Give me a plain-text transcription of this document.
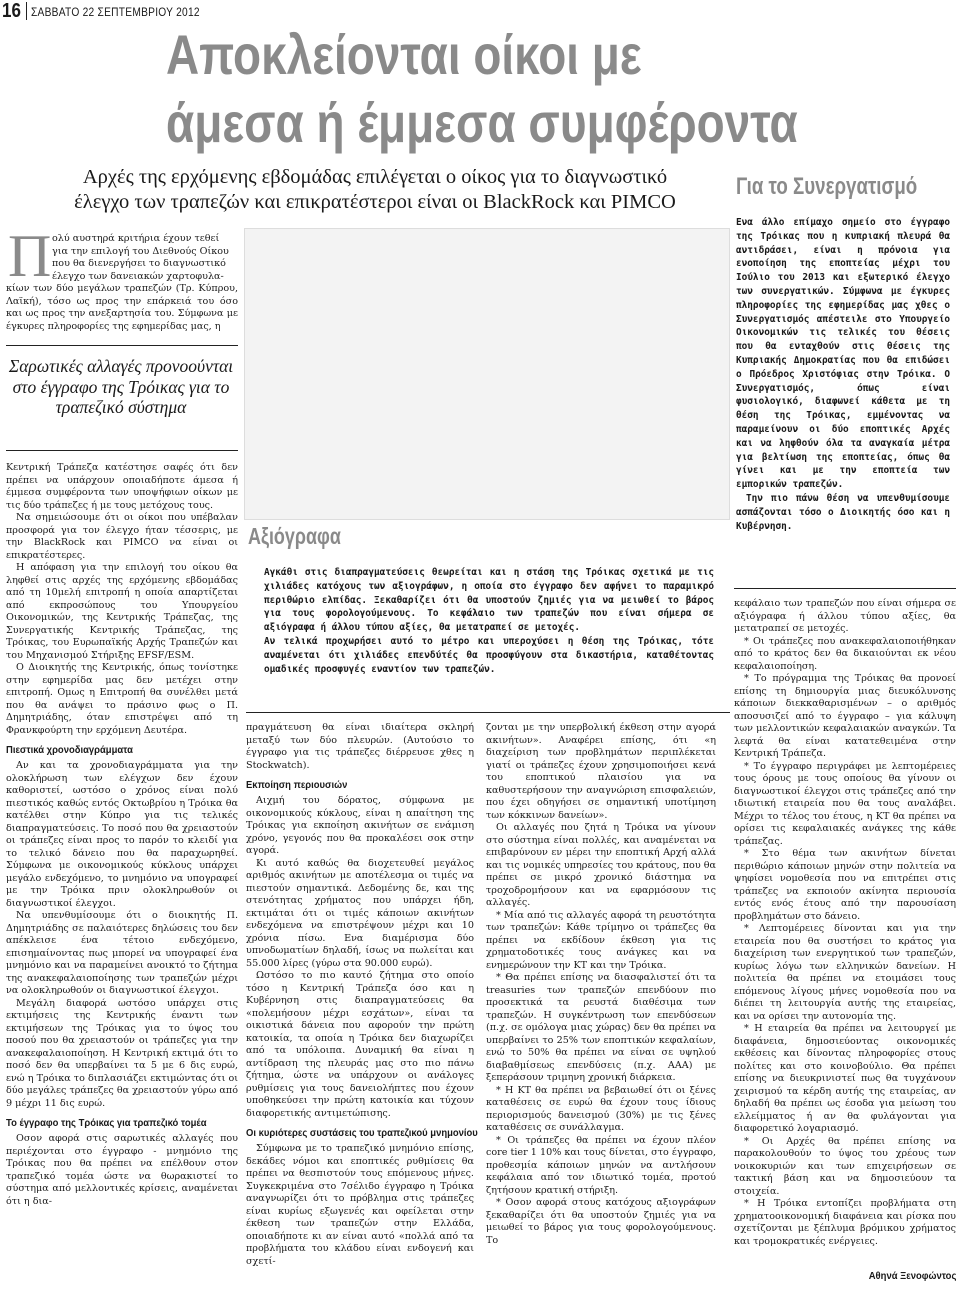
16 ΣΑΒΒΑΤΟ 22 ΣΕΠΤΕΜΒΡΙΟΥ 2012
Αποκλείονται οίκοι με
άμεσα ή έμμεσα συμφέροντα
Αρχές της ερχόμενης εβδομάδας επιλέγεται ο οίκος για το διαγνωστικό
έλεγχο των τραπεζών και επικρατέστεροι είναι οι BlackRock και PIMCO
Π ολύ αυστηρά κριτήρια έχουν τεθεί

για την επιλογή του Διεθνούς Οίκου

που θα διενεργήσει το διαγνωστικό

έλεγχο των δανειακών χαρτοφυλα-

κίων των δύο μεγάλων τραπεζών (Τρ. Κύπρου, Λαϊκή), τόσο ως προς την επάρκειά του όσο και ως προς την ανεξαρτησία του. Σύμφωνα με έγκυρες πληροφορίες της εφημερίδας μας, η

Σαρωτικές αλλαγές προνοούνται στο έγγραφο της Τρόικας για το τραπεζικό σύστημα

Κεντρική Τράπεζα κατέστησε σαφές ότι δεν πρέπει να υπάρχουν οποιαδήποτε άμεσα ή έμμεσα συμφέροντα των υποψήφιων οίκων με τις δύο τράπεζες ή με τους μετόχους τους.

Να σημειώσουμε ότι οι οίκοι που υπέβαλαν προσφορά για τον έλεγχο ήταν τέσσερις, με την BlackRock και PIMCO να είναι οι επικρατέστερες.

Η απόφαση για την επιλογή του οίκου θα ληφθεί στις αρχές της ερχόμενης εβδομάδας από τη 10μελή επιτροπή η οποία απαρτίζεται από εκπροσώπους του Υπουργείου Οικονομικών, της Κεντρικής Τράπεζας, της Συνεργατικής Κεντρικής Τράπεζας, της Τρόικας, του Ευρωπαϊκής Αρχής Τραπεζών και του Μηχανισμού Στήριξης EFSF/ESM.

Ο Διοικητής της Κεντρικής, όπως τονίστηκε στην εφημερίδα μας δεν μετέχει στην επιτροπή. Ομως η Επιτροπή θα συνέλθει μετά που θα ανάψει το πράσινο φως ο Π. Δημητριάδης, όταν επιστρέψει από τη Φρανκφούρτη την ερχόμενη Δευτέρα.

Πιεστικά χρονοδιαγράμματα

Αν και τα χρονοδιαγράμματα για την ολοκλήρωση των ελέγχων δεν έχουν καθοριστεί, ωστόσο ο χρόνος είναι πολύ πιεστικός καθώς εντός Οκτωβρίου η Τρόικα θα κατέλθει στην Κύπρο για τις τελικές διαπραγματεύσεις. Το ποσό που θα χρειαστούν οι τράπεζες είναι προς το παρόν το κλειδί για το τελικό δάνειο που θα παραχωρηθεί. Σύμφωνα με οικονομικούς κύκλους υπάρχει μεγάλο ενδεχόμενο, το μνημόνιο να υπογραφεί με την Τρόικα πριν ολοκληρωθούν οι διαγνωστικοί έλεγχοι.

Να υπενθυμίσουμε ότι ο διοικητής Π. Δημητριάδης σε παλαιότερες δηλώσεις του δεν απέκλεισε ένα τέτοιο ενδεχόμενο, επισημαίνοντας πως μπορεί να υπογραφεί ένα μνημόνιο και να παραμείνει ανοικτό το ζήτημα της ανακεφαλαιοποίησης των τραπεζών μέχρι να ολοκληρωθούν οι διαγνωστικοί έλεγχοι.

Μεγάλη διαφορά ωστόσο υπάρχει στις εκτιμήσεις της Κεντρικής έναντι των εκτιμήσεων της Τρόικας για το ύψος του ποσού που θα χρειαστούν οι τράπεζες για την ανακεφαλαιοποίηση. Η Κεντρική εκτιμά ότι το ποσό δεν θα υπερβαίνει τα 5 με 6 δις ευρώ, ενώ η Τρόικα το διπλασιάζει εκτιμώντας ότι οι δύο μεγάλες τράπεζες θα χρειαστούν γύρω από 9 μέχρι 11 δις ευρώ.

Το έγγραφο της Τρόικας για τραπεζικό τομέα

Οσον αφορά στις σαρωτικές αλλαγές που περιέχονται στο έγγραφο - μνημόνιο της Τρόικας που θα πρέπει να επέλθουν στον τραπεζικό τομέα ώστε να θωρακιστεί το σύστημα από μελλοντικές κρίσεις, αναμένεται ότι η δια-

Αξιόγραφα

Αγκάθι στις διαπραγματεύσεις θεωρείται και η στάση της Τρόικας σχετικά με τις χιλιάδες κατόχους των αξιογράφων, η οποία στο έγγραφο δεν αφήνει το παραμικρό περιθώριο ελπίδας. Ξεκαθαρίζει ότι θα υποστούν ζημιές για να μειωθεί το βάρος για τους φορολογούμενους. Το κεφάλαιο των τραπεζών που είναι σήμερα σε αξιόγραφα ή άλλου τύπου αξίες, θα μετατραπεί σε μετοχές.

Αν τελικά προχωρήσει αυτό το μέτρο και υπεροχύσει η θέση της Τρόικας, τότε αναμένεται ότι χιλιάδες επενδύτές θα προσφύγουν στα δικαστήρια, καταθέτοντας ομαδικές προσφυγές εναντίον των τραπεζών.

πραγμάτευση θα είναι ιδιαίτερα σκληρή μεταξύ των δύο πλευρών. (Αυτούσιο το έγγραφο για τις τράπεζες διέρρευσε χθες η Stockwatch).

Εκποίηση περιουσιών

Αιχμή του δόρατος, σύμφωνα με οικονομικούς κύκλους, είναι η απαίτηση της Τρόικας για εκποίηση ακινήτων σε ενάμιση χρόνο, γεγονός που θα προκαλέσει σοκ στην αγορά.

Κι αυτό καθώς θα διοχετευθεί μεγάλος αριθμός ακινήτων με αποτέλεσμα οι τιμές να πιεστούν σημαντικά. Δεδομένης δε, και της στενότητας χρήματος που υπάρχει ήδη, εκτιμάται ότι οι τιμές κάποιων ακινήτων ενδεχόμενα να επιστρέψουν μέχρι και 10 χρόνια πίσω. Ενα διαμέρισμα δύο υπνοδωματίων δηλαδή, ίσως να πωλείται και 55.000 λίρες (γύρω στα 90.000 ευρώ).

Ωστόσο το πιο καυτό ζήτημα στο οποίο τόσο η Κεντρική Τράπεζα όσο και η Κυβέρνηση στις διαπραγματεύσεις θα «πολεμήσουν μέχρι εσχάτων», είναι τα οικιστικά δάνεια που αφορούν την πρώτη κατοικία, τα οποία η Τρόικα δεν διαχωρίζει από τα υπόλοιπα. Δυναμική θα είναι η αντίδραση της πλευράς μας στο πιο πάνω ζήτημα, ώστε να υπάρχουν οι ανάλογες ρυθμίσεις για τους δανειολήπτες που έχουν υποθηκεύσει την πρώτη κατοικία και τύχουν διαφορετικής αντιμετώπισης.

Οι κυριότερες συστάσεις του τραπεζικού μνημονίου

Σύμφωνα με το τραπεζικό μνημόνιο επίσης, δεκάδες νόμοι και εποπτικές ρυθμίσεις θα πρέπει να θεσπιστούν τους επόμενους μήνες. Συγκεκριμένα στο 7σέλιδο έγγραφο η Τρόικα αναγνωρίζει ότι το πρόβλημα στις τράπεζες είναι κυρίως εξωγενές και οφείλεται στην έκθεση των τραπεζών στην Ελλάδα, οποιαδήποτε κι αν είναι αυτό «πολλά από τα προβλήματα του κλάδου είναι ενδογενή και σχετί-

ζονται με την υπερβολική έκθεση στην αγορά ακινήτων». Αναφέρει επίσης, ότι «η διαχείριση των προβλημάτων περιπλέκεται γιατί οι τράπεζες έχουν χρησιμοποιήσει κενά του εποπτικού πλαισίου για να καθυστερήσουν την αναγνώριση επισφαλειών, που έχει οδηγήσει σε σημαντική υποτίμηση των κόκκινων δανείων».

Οι αλλαγές που ζητά η Τρόικα να γίνουν στο σύστημα είναι πολλές, και αναμένεται να επιβαρύνουν εν μέρει την εποπτική Αρχή αλλά και τις νομικές υπηρεσίες του κράτους, που θα πρέπει σε μικρό χρονικό διάστημα να τροχοδρομήσουν και να εφαρμόσουν τις αλλαγές.

* Μία από τις αλλαγές αφορά τη ρευστότητα των τραπεζών: Κάθε τρίμηνο οι τράπεζες θα πρέπει να εκδίδουν έκθεση για τις χρηματοδοτικές τους ανάγκες και να ενημερώνουν την ΚΤ και την Τρόικα.

* Θα πρέπει επίσης να διασφαλιστεί ότι τα treasuries των τραπεζών επενδύουν πιο προσεκτικά τα ρευστά διαθέσιμα των τραπεζών. Η συγκέντρωση των επενδύσεων (π.χ. σε ομόλογα μιας χώρας) δεν θα πρέπει να υπερβαίνει το 25% των εποπτικών κεφαλαίων, ενώ το 50% θα πρέπει να είναι σε υψηλού διαβαθμίσεως επενδύσεις (π.χ. ΑΑΑ) με ξεπεράσουν τριμηνη χρονική διάρκεια.

* Η ΚΤ θα πρέπει να βεβαιωθεί ότι οι ξένες καταθέσεις σε ευρώ θα έχουν τους ίδιους περιορισμούς δανεισμού (30%) με τις ξένες καταθέσεις σε συνάλλαγμα.

* Οι τράπεζες θα πρέπει να έχουν πλέον core tier 1 10% και τους δίνεται, στο έγγραφο, προθεσμία κάποιων μηνών να αντλήσουν κεφάλαια από τον ιδιωτικό τομέα, προτού ζητήσουν κρατική στήριξη.

* Οσον αφορά στους κατόχους αξιογράφων ξεκαθαρίζει ότι θα υποστούν ζημιές για να μειωθεί το βάρος για τους φορολογούμενους. Το

Για το Συνεργατισμό

Ενα άλλο επίμαχο σημείο στο έγγραφο της Τρόικας που η κυπριακή πλευρά θα αντιδράσει, είναι η πρόνοια για ενοποίηση της εποπτείας μέχρι του Ιούλιο του 2013 και εξωτερικό έλεγχο των συνεργατικών. Σύμφωνα με έγκυρες πληροφορίες της εφημερίδας μας χθες ο Συνεργατισμός απέστειλε στο Υπουργείο Οικονομικών τις τελικές του θέσεις που θα ενταχθούν στις θέσεις της Κυπριακής Δημοκρατίας που θα επιδώσει ο Πρόεδρος Χριστόφιας στην Τρόικα. Ο Συνεργατισμός, όπως είναι φυσιολογικό, διαφωνεί κάθετα με τη θέση της Τρόικας, εμμένοντας να παραμείνουν οι δύο εποπτικές Αρχές και να ληφθούν όλα τα αναγκαία μέτρα για βελτίωση της εποπτείας, όπως θα γίνει και με την εποπτεία των εμπορικών τραπεζών.

Την πιο πάνω θέση να υπενθυμίσουμε ασπάζονται τόσο ο Διοικητής όσο και η Κυβέρνηση.

κεφάλαιο των τραπεζών που είναι σήμερα σε αξιόγραφα ή άλλου τύπου αξίες, θα μετατραπεί σε μετοχές.

* Οι τράπεζες που ανακεφαλαιοποιήθηκαν από το κράτος δεν θα δικαιούνται εκ νέου κεφαλαιοποίηση.

* Το πρόγραμμα της Τρόικας θα προνοεί επίσης τη δημιουργία μιας διευκόλυνσης κάποιων διεκκαθαρισμένων – ο αριθμός αποσυσιζεί από το έγγραφο – για κάλυψη των μελλοντικών κεφαλαιακών αναγκών. Τα λεφτά θα είναι κατατεθειμένα στην Κεντρική Τράπεζα.

* Το έγγραφο περιγράφει με λεπτομέρειες τους όρους με τους οποίους θα γίνουν οι διαγνωστικοί έλεγχοι στις τράπεζες από την ιδιωτική εταιρεία που θα τους αναλάβει. Μέχρι το τέλος του έτους, η ΚΤ θα πρέπει να ορίσει τις κεφαλαιακές ανάγκες της κάθε τράπεζας.

* Στο θέμα των ακινήτων δίνεται περιθώριο κάποιων μηνών στην πολιτεία να ψηφίσει νομοθεσία που να επιτρέπει στις τράπεζες να εκποιούν ακίνητα περιουσία εντός ενός έτους από την παρουσίαση προβλημάτων στο δάνειο.

* Λεπτομέρειες δίνονται και για την εταιρεία που θα συστήσει το κράτος για διαχείριση των ενεργητικού των τραπεζών, κυρίως λόγω των ελληνικών δανείων. Η πολιτεία θα πρέπει να ετοιμάσει τους επόμενους λίγους μήνες νομοθεσία που να διέπει τη λειτουργία αυτής της εταιρείας, και να ορίσει την αυτονομία της.

* Η εταιρεία θα πρέπει να λειτουργεί με διαφάνεια, δημοσιεύοντας οικονομικές εκθέσεις και δίνοντας πληροφορίες στους πολίτες και στο κοινοβούλιο. Θα πρέπει επίσης να διευκρινιστεί πως θα τυγχάνουν χειρισμού τα κέρδη αυτής της εταιρείας, αν δηλαδή θα πρέπει ως έσοδα για μείωση του ελλείμματος ή αν θα φυλάγονται για διαφορετικό λογαριασμό.

* Οι Αρχές θα πρέπει επίσης να παρακολουθούν το ύψος του χρέους των νοικοκυριών και των επιχειρήσεων σε τακτική βάση και να δημοσιεύουν τα στοιχεία.

* Η Τρόικα εντοπίζει προβλήματα στη χρηματοοικονομική διαφάνεια και ρίσκα που σχετίζονται με ξέπλυμα βρόμικου χρήματος και τρομοκρατικές ενέργειες.

Αθηνά Ξενοφώντος
